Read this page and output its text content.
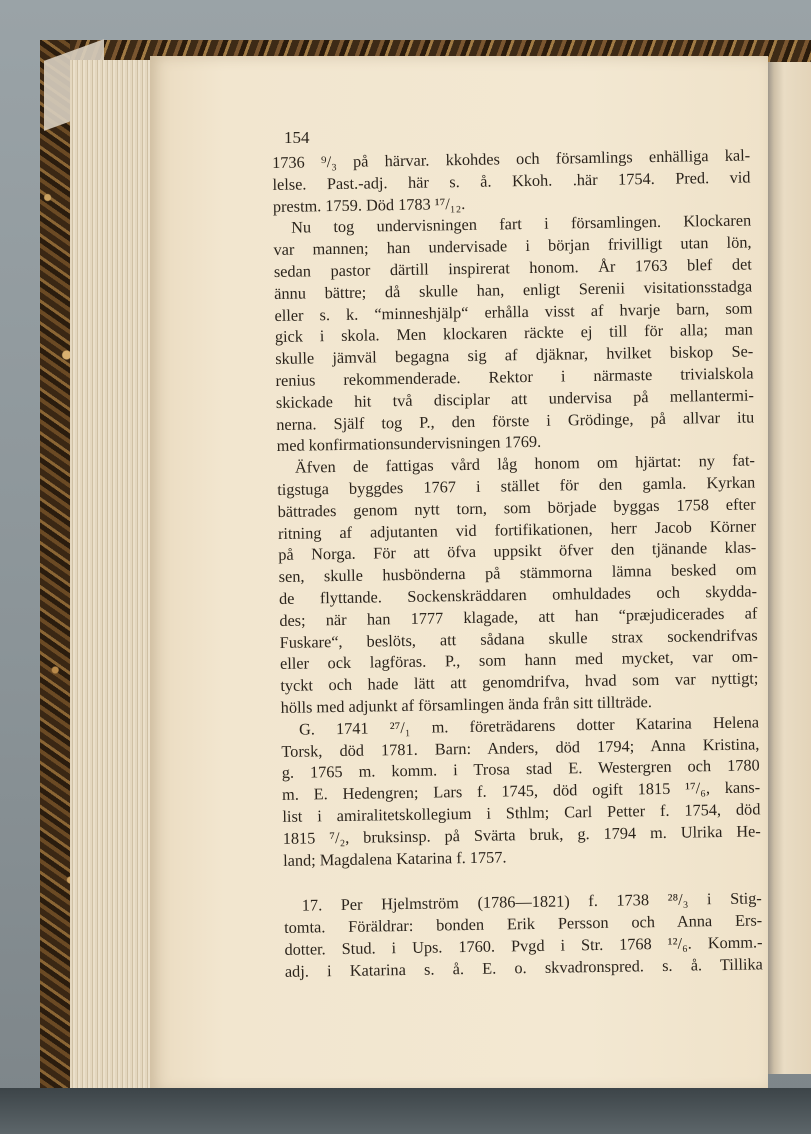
154
1736 ⁹/₃ på härvar. kkohdes och församlings enhälliga kal-
lelse. Past.-adj. här s. å. Kkoh. .här 1754. Pred. vid
prestm. 1759. Död 1783 ¹⁷/₁₂.
Nu tog undervisningen fart i församlingen. Klockaren
var mannen; han undervisade i början frivilligt utan lön,
sedan pastor därtill inspirerat honom. År 1763 blef det
ännu bättre; då skulle han, enligt Serenii visitationsstadga
eller s. k. “minneshjälp“ erhålla visst af hvarje barn, som
gick i skola. Men klockaren räckte ej till för alla; man
skulle jämväl begagna sig af djäknar, hvilket biskop Se-
renius rekommenderade. Rektor i närmaste trivialskola
skickade hit två disciplar att undervisa på mellantermi-
nerna. Själf tog P., den förste i Grödinge, på allvar itu
med konfirmationsundervisningen 1769.
Äfven de fattigas vård låg honom om hjärtat: ny fat-
tigstuga byggdes 1767 i stället för den gamla. Kyrkan
bättrades genom nytt torn, som började byggas 1758 efter
ritning af adjutanten vid fortifikationen, herr Jacob Körner
på Norga. För att öfva uppsikt öfver den tjänande klas-
sen, skulle husbönderna på stämmorna lämna besked om
de flyttande. Sockenskräddaren omhuldades och skydda-
des; när han 1777 klagade, att han “præjudicerades af
Fuskare“, beslöts, att sådana skulle strax sockendrifvas
eller ock lagföras. P., som hann med mycket, var om-
tyckt och hade lätt att genomdrifva, hvad som var nyttigt;
hölls med adjunkt af församlingen ända från sitt tillträde.
G. 1741 ²⁷/₁ m. företrädarens dotter Katarina Helena
Torsk, död 1781. Barn: Anders, död 1794; Anna Kristina,
g. 1765 m. komm. i Trosa stad E. Westergren och 1780
m. E. Hedengren; Lars f. 1745, död ogift 1815 ¹⁷/₆, kans-
list i amiralitetskollegium i Sthlm; Carl Petter f. 1754, död
1815 ⁷/₂, bruksinsp. på Svärta bruk, g. 1794 m. Ulrika He-
land; Magdalena Katarina f. 1757.
17. Per Hjelmström (1786—1821) f. 1738 ²⁸/₃ i Stig-
tomta. Föräldrar: bonden Erik Persson och Anna Ers-
dotter. Stud. i Ups. 1760. Pvgd i Str. 1768 ¹²/₆. Komm.-
adj. i Katarina s. å. E. o. skvadronspred. s. å. Tillika
